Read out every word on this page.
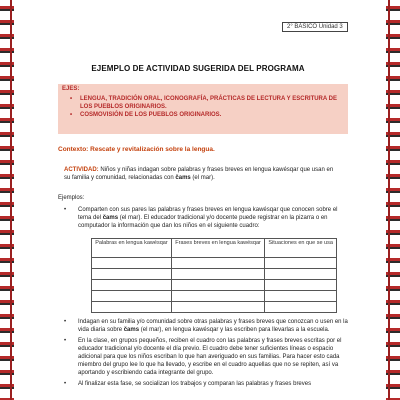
2° BÁSICO Unidad 3
EJEMPLO DE ACTIVIDAD SUGERIDA DEL PROGRAMA
EJES:
• LENGUA, TRADICIÓN ORAL, ICONOGRAFÍA, PRÁCTICAS DE LECTURA Y ESCRITURA DE LOS PUEBLOS ORIGINARIOS.
• COSMOVISIÓN DE LOS PUEBLOS ORIGINARIOS.
Contexto: Rescate y revitalización sobre la lengua.
ACTIVIDAD: Niños y niñas indagan sobre palabras y frases breves en lengua kawésqar que usan en su familia y comunidad, relacionadas con čams (el mar).
Ejemplos:
• Comparten con sus pares las palabras y frases breves en lengua kawésqar que conocen sobre el tema del čams (el mar). El educador tradicional y/o docente puede registrar en la pizarra o en computador la información que dan los niños en el siguiente cuadro:
Palabras en lengua kawésqar	Frases breves en lengua kawésqar	Situaciones en que se usa

• Indagan en su familia y/o comunidad sobre otras palabras y frases breves que conozcan o usen en la vida diaria sobre čams (el mar), en lengua kawésqar y las escriben para llevarlas a la escuela.
• En la clase, en grupos pequeños, reciben el cuadro con las palabras y frases breves escritas por el educador tradicional y/o docente el día previo. El cuadro debe tener suficientes líneas o espacio adicional para que los niños escriban lo que han averiguado en sus familias. Para hacer esto cada miembro del grupo lee lo que ha llevado, y escribe en el cuadro aquellas que no se repiten, así va aportando y escribiendo cada integrante del grupo.
• Al finalizar esta fase, se socializan los trabajos y comparan las palabras y frases breves
